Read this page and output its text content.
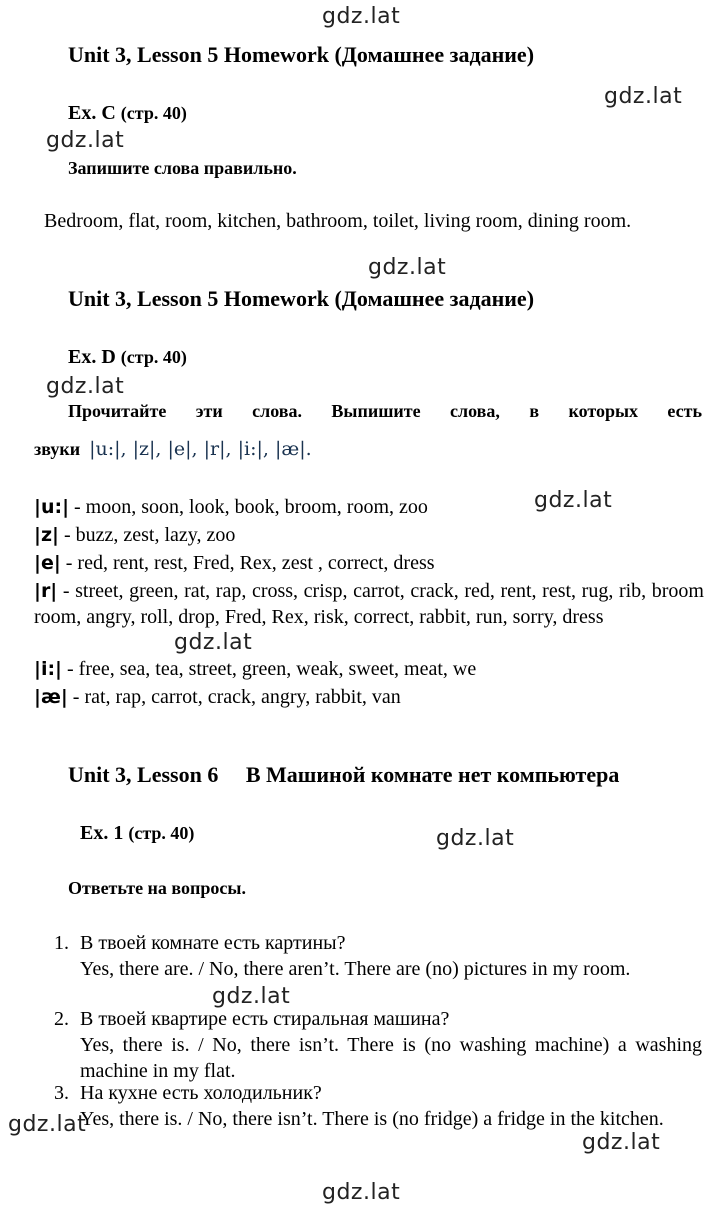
gdz.lat
gdz.lat
gdz.lat
gdz.lat
gdz.lat
gdz.lat
gdz.lat
gdz.lat
gdz.lat
gdz.lat
gdz.lat
gdz.lat
Unit 3, Lesson 5 Homework (Домашнее задание)
Ex. C (стр. 40)
Запишите слова правильно.
Bedroom, flat, room, kitchen, bathroom, toilet, living room, dining room.
Unit 3, Lesson 5 Homework (Домашнее задание)
Ex. D (стр. 40)
Прочитайте эти слова. Выпишите слова, в которых есть
звуки |u:|, |z|, |e|, |r|, |i:|, |æ|.
|u:| - moon, soon, look, book, broom, room, zoo
|z| - buzz, zest, lazy, zoo
|e| - red, rent, rest, Fred, Rex, zest , correct, dress
|r| - street, green, rat, rap, cross, crisp, carrot, crack, red, rent, rest, rug, rib, broom room, angry, roll, drop, Fred, Rex, risk, correct, rabbit, run, sorry, dress
|i:| - free, sea, tea, street, green, weak, sweet, meat, we
|æ| - rat, rap, carrot, crack, angry, rabbit, van
Unit 3, Lesson 6     В Машиной комнате нет компьютера
Ex. 1 (стр. 40)
Ответьте на вопросы.
1. В твоей комнате есть картины?
Yes, there are. / No, there aren’t. There are (no) pictures in my room.
2. В твоей квартире есть стиральная машина?
Yes, there is. / No, there isn’t. There is (no washing machine) a washing machine in my flat.
3. На кухне есть холодильник?
Yes, there is. / No, there isn’t. There is (no fridge) a fridge in the kitchen.
